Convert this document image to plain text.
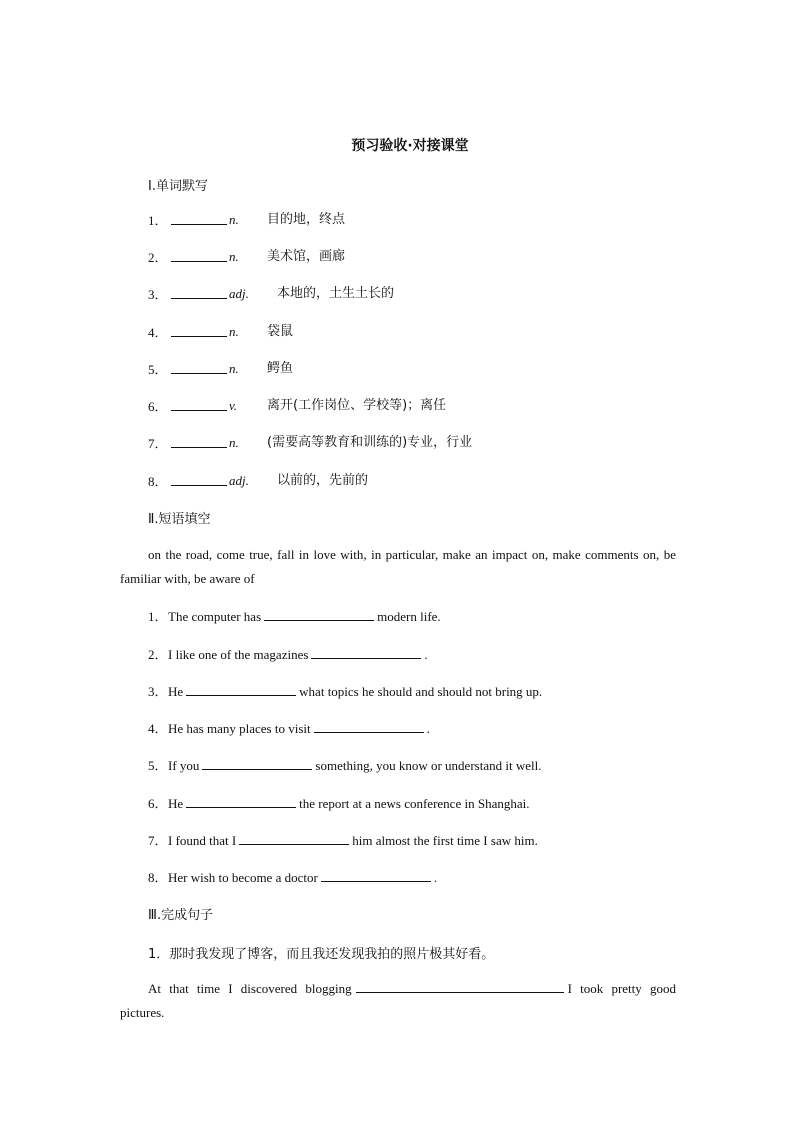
预习验收·对接课堂
Ⅰ.单词默写
1．	n. 目的地，终点
2．	n. 美术馆，画廊
3．	adj. 本地的，土生土长的
4．	n. 袋鼠
5．	n. 鳄鱼
6．	v. 离开(工作岗位、学校等)；离任
7．	n. (需要高等教育和训练的)专业，行业
8．	adj. 以前的，先前的
Ⅱ.短语填空
on the road, come true, fall in love with, in particular, make an impact on, make comments on, be familiar with, be aware of
1．The computer has	modern life.
2．I like one of the magazines	.
3．He	what topics he should and should not bring up.
4．He has many places to visit	.
5．If you	something, you know or understand it well.
6．He	the report at a news conference in Shanghai.
7．I found that I	him almost the first time I saw him.
8．Her wish to become a doctor	.
Ⅲ.完成句子
1．那时我发现了博客，而且我还发现我拍的照片极其好看。
At that time I discovered blogging	I took pretty good pictures.
